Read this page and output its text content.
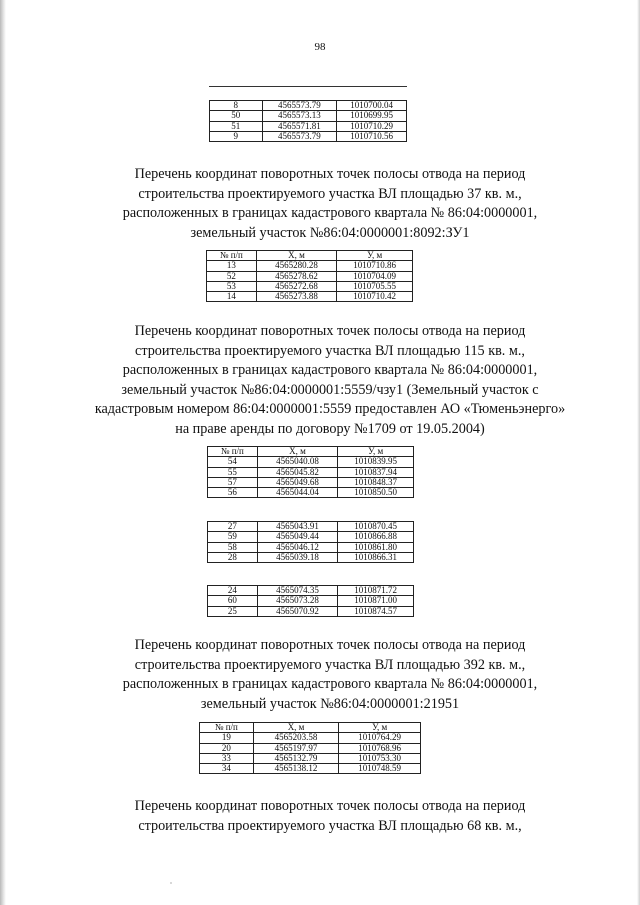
98
8	4565573.79	1010700.04
50	4565573.13	1010699.95
51	4565571.81	1010710.29
9	4565573.79	1010710.56

Перечень координат поворотных точек полосы отвода на период

строительства проектируемого участка ВЛ площадью 37 кв. м.,

расположенных в границах кадастрового квартала № 86:04:0000001,

земельный участок №86:04:0000001:8092:ЗУ1

№ п/п	Х, м	У, м
13	4565280.28	1010710.86
52	4565278.62	1010704.09
53	4565272.68	1010705.55
14	4565273.88	1010710.42

Перечень координат поворотных точек полосы отвода на период

строительства проектируемого участка ВЛ площадью 115 кв. м.,

расположенных в границах кадастрового квартала № 86:04:0000001,

земельный участок №86:04:0000001:5559/чзу1 (Земельный участок с

кадастровым номером 86:04:0000001:5559 предоставлен АО «Тюменьэнерго»

на праве аренды по договору №1709 от 19.05.2004)

№ п/п	Х, м	У, м
54	4565040.08	1010839.95
55	4565045.82	1010837.94
57	4565049.68	1010848.37
56	4565044.04	1010850.50
27	4565043.91	1010870.45
59	4565049.44	1010866.88
58	4565046.12	1010861.80
28	4565039.18	1010866.31
24	4565074.35	1010871.72
60	4565073.28	1010871.00
25	4565070.92	1010874.57

Перечень координат поворотных точек полосы отвода на период

строительства проектируемого участка ВЛ площадью 392 кв. м.,

расположенных в границах кадастрового квартала № 86:04:0000001,

земельный участок №86:04:0000001:21951

№ п/п	Х, м	У, м
19	4565203.58	1010764.29
20	4565197.97	1010768.96
33	4565132.79	1010753.30
34	4565138.12	1010748.59

Перечень координат поворотных точек полосы отвода на период

строительства проектируемого участка ВЛ площадью 68 кв. м.,
